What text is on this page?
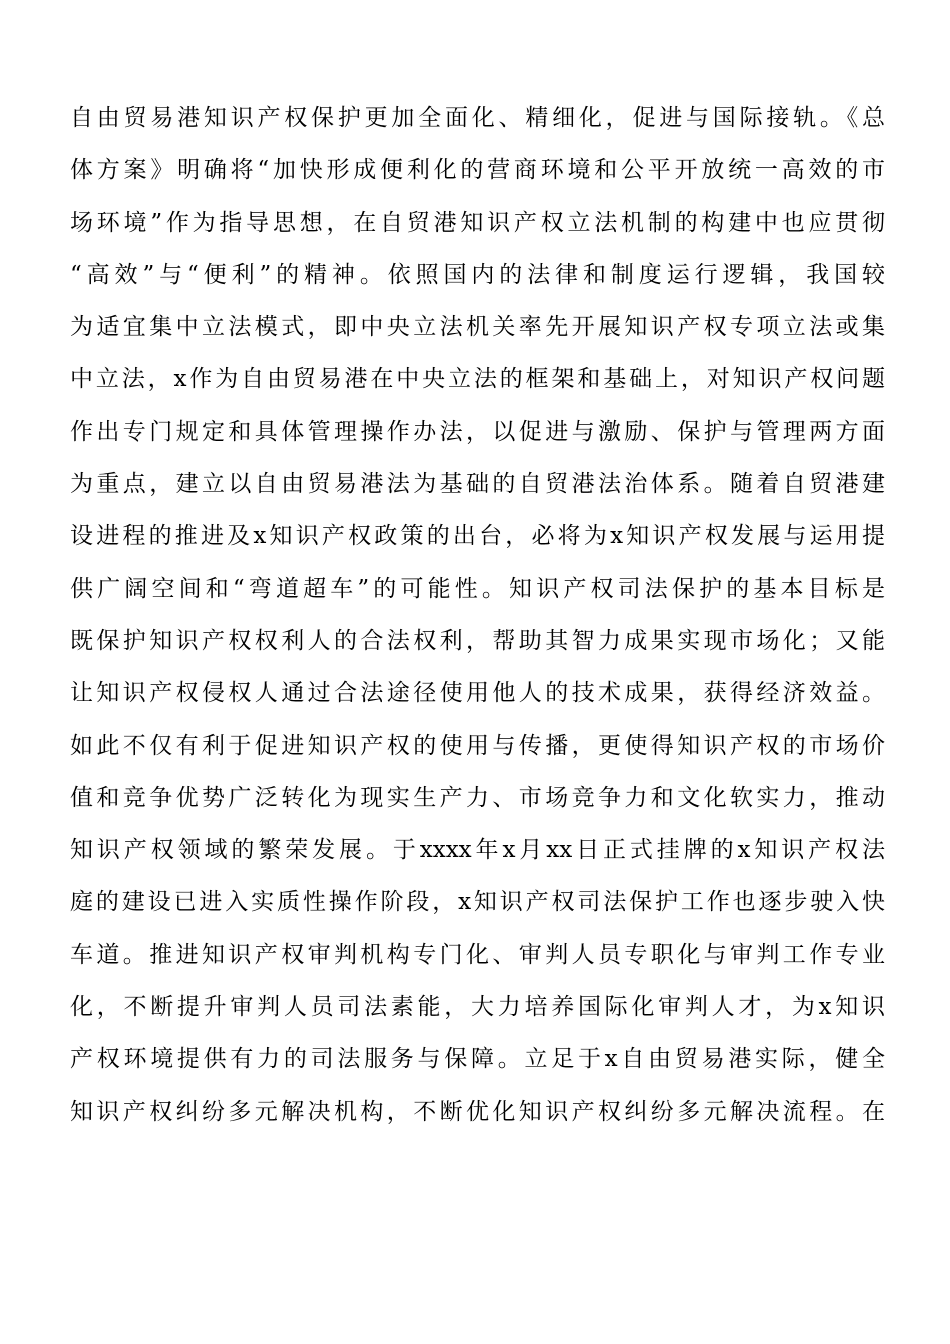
自由贸易港知识产权保护更加全面化、精细化，促进与国际接轨。《总
体方案》明确将“加快形成便利化的营商环境和公平开放统一高效的市
场环境”作为指导思想，在自贸港知识产权立法机制的构建中也应贯彻
“高效”与“便利”的精神。依照国内的法律和制度运行逻辑，我国较
为适宜集中立法模式，即中央立法机关率先开展知识产权专项立法或集
中立法，x作为自由贸易港在中央立法的框架和基础上，对知识产权问题
作出专门规定和具体管理操作办法，以促进与激励、保护与管理两方面
为重点，建立以自由贸易港法为基础的自贸港法治体系。随着自贸港建
设进程的推进及x知识产权政策的出台，必将为x知识产权发展与运用提
供广阔空间和“弯道超车”的可能性。知识产权司法保护的基本目标是
既保护知识产权权利人的合法权利，帮助其智力成果实现市场化；又能
让知识产权侵权人通过合法途径使用他人的技术成果，获得经济效益。
如此不仅有利于促进知识产权的使用与传播，更使得知识产权的市场价
值和竞争优势广泛转化为现实生产力、市场竞争力和文化软实力，推动
知识产权领域的繁荣发展。于xxxx年x月xx日正式挂牌的x知识产权法
庭的建设已进入实质性操作阶段，x知识产权司法保护工作也逐步驶入快
车道。推进知识产权审判机构专门化、审判人员专职化与审判工作专业
化，不断提升审判人员司法素能，大力培养国际化审判人才，为x知识
产权环境提供有力的司法服务与保障。立足于x自由贸易港实际，健全
知识产权纠纷多元解决机构，不断优化知识产权纠纷多元解决流程。在
